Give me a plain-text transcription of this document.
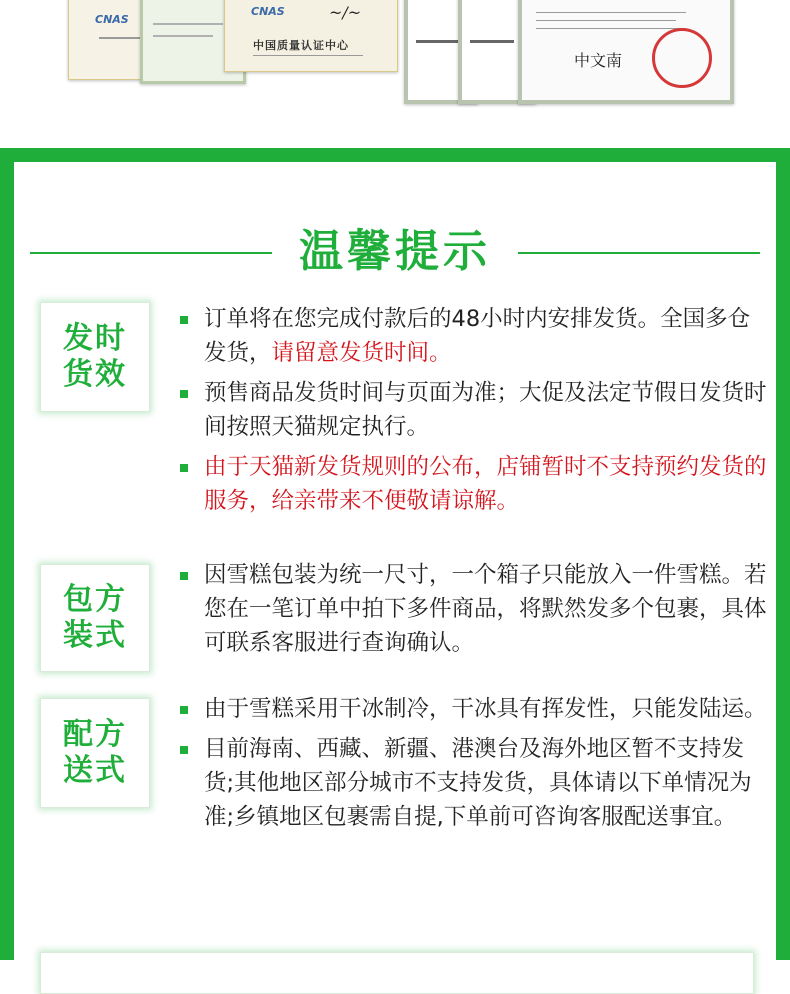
CNAS
CNAS	~/~
中国质量认证中心
中文南
温馨提示
发时货效
订单将在您完成付款后的48小时内安排发货。全国多仓发货，请留意发货时间。
预售商品发货时间与页面为准；大促及法定节假日发货时间按照天猫规定执行。
由于天猫新发货规则的公布，店铺暂时不支持预约发货的服务，给亲带来不便敬请谅解。
包方装式
因雪糕包装为统一尺寸，一个箱子只能放入一件雪糕。若您在一笔订单中拍下多件商品，将默然发多个包裹，具体可联系客服进行查询确认。
配方送式
由于雪糕采用干冰制冷，干冰具有挥发性，只能发陆运。
目前海南、西藏、新疆、港澳台及海外地区暂不支持发货;其他地区部分城市不支持发货，具体请以下单情况为准;乡镇地区包裹需自提,下单前可咨询客服配送事宜。
